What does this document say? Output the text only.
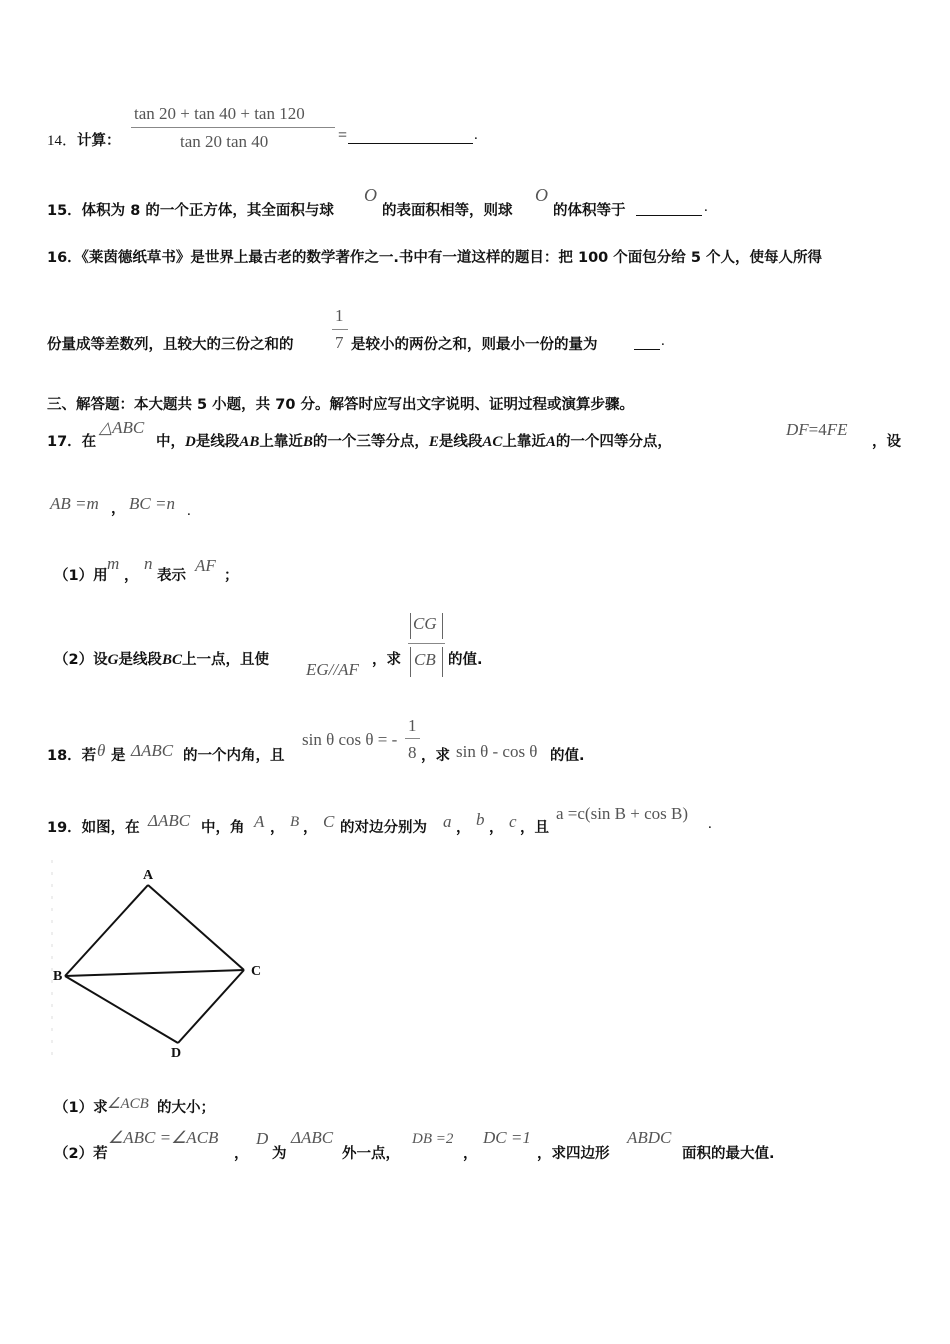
14．计算：
tan 20 + tan 40 + tan 120
tan 20 tan 40	=	.
15．体积为 8 的一个正方体，其全面积与球
O
的表面积相等，则球
O
的体积等于	.
16．《莱茵德纸草书》是世界上最古老的数学著作之一.书中有一道这样的题目：把 100 个面包分给 5 个人，使每人所得
份量成等差数列，且较大的三份之和的
1
7 是较小的两份之和，则最小一份的量为	.
三、解答题：本大题共 5 小题，共 70 分。解答时应写出文字说明、证明过程或演算步骤。
17．在
△ABC
中，D是线段AB上靠近B的一个三等分点，E是线段AC上靠近A的一个四等分点，
DF=4FE
，设
AB =m ， BC =n .
（1）用
m
，
n
表示
AF
；
（2）设G是线段BC上一点，且使 EG//AF ，求
CG
CB 的值.
18．若 θ 是 ΔABC 的一个内角，且
sin θ cos θ = -
1
8 ，求 sin θ - cos θ 的值.
19．如图，在 ΔABC 中，角 A ， B ， C 的对边分别为 a ， b ， c ，且
a =c(sin B + cos B)
.
A
B	C
D
（1）求 ∠ACB 的大小；
（2）若
∠ABC =∠ACB
，
D
为
ΔABC
外一点，
DB =2
，
DC =1
，求四边形
ABDC
面积的最大值.
